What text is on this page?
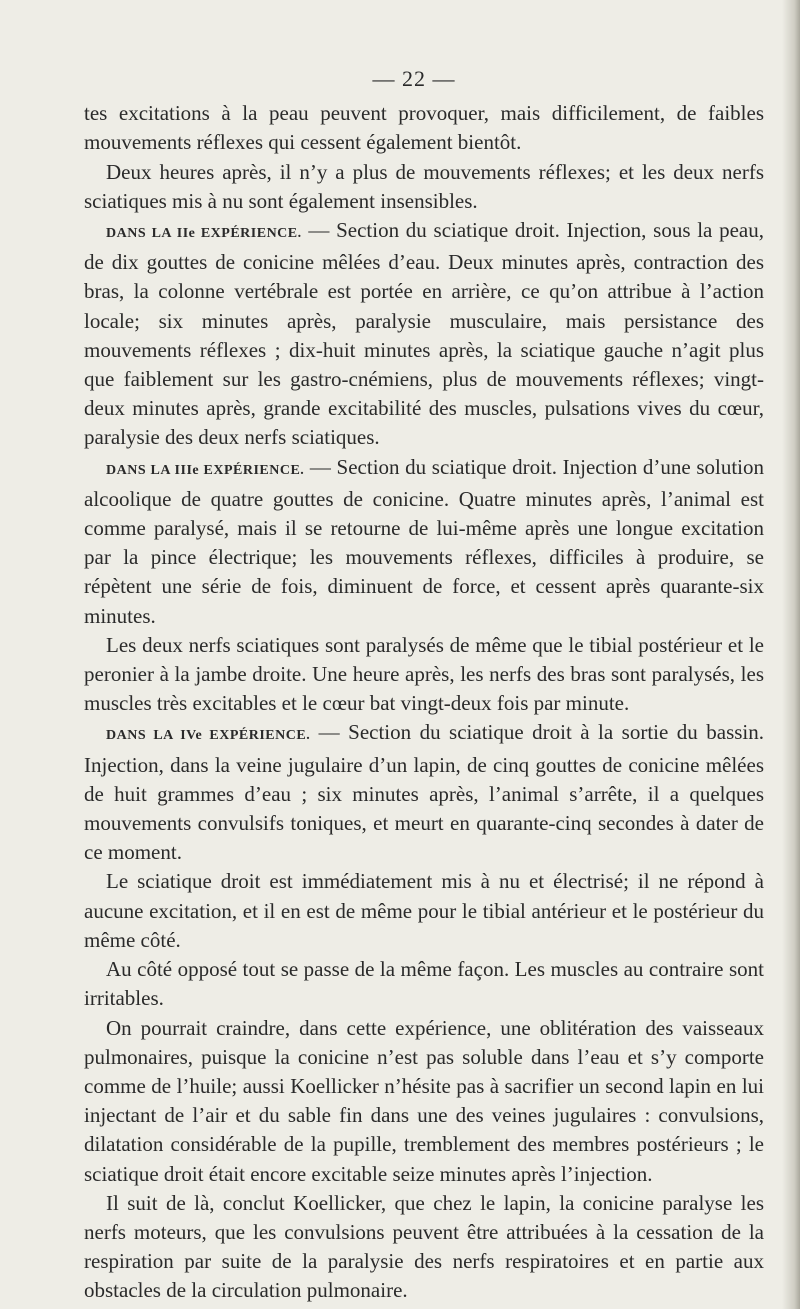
— 22 —

tes excitations à la peau peuvent provoquer, mais difficilement, de faibles mouvements réflexes qui cessent également bientôt.

Deux heures après, il n’y a plus de mouvements réflexes; et les deux nerfs sciatiques mis à nu sont également insensibles.

DANS LA IIe EXPÉRIENCE. — Section du sciatique droit. Injection, sous la peau, de dix gouttes de conicine mêlées d’eau. Deux minutes après, contraction des bras, la colonne vertébrale est portée en arrière, ce qu’on attribue à l’action locale; six minutes après, paralysie musculaire, mais persistance des mouvements réflexes ; dix-huit minutes après, la sciatique gauche n’agit plus que faiblement sur les gastro-cnémiens, plus de mouvements réflexes; vingt-deux minutes après, grande excitabilité des muscles, pulsations vives du cœur, paralysie des deux nerfs sciatiques.

DANS LA IIIe EXPÉRIENCE. — Section du sciatique droit. Injection d’une solution alcoolique de quatre gouttes de conicine. Quatre minutes après, l’animal est comme paralysé, mais il se retourne de lui-même après une longue excitation par la pince électrique; les mouvements réflexes, difficiles à produire, se répètent une série de fois, diminuent de force, et cessent après quarante-six minutes.

Les deux nerfs sciatiques sont paralysés de même que le tibial postérieur et le peronier à la jambe droite. Une heure après, les nerfs des bras sont paralysés, les muscles très excitables et le cœur bat vingt-deux fois par minute.

DANS LA IVe EXPÉRIENCE. — Section du sciatique droit à la sortie du bassin. Injection, dans la veine jugulaire d’un lapin, de cinq gouttes de conicine mêlées de huit grammes d’eau ; six minutes après, l’animal s’arrête, il a quelques mouvements convulsifs toniques, et meurt en quarante-cinq secondes à dater de ce moment.

Le sciatique droit est immédiatement mis à nu et électrisé; il ne répond à aucune excitation, et il en est de même pour le tibial antérieur et le postérieur du même côté.

Au côté opposé tout se passe de la même façon. Les muscles au contraire sont irritables.

On pourrait craindre, dans cette expérience, une oblitération des vaisseaux pulmonaires, puisque la conicine n’est pas soluble dans l’eau et s’y comporte comme de l’huile; aussi Koellicker n’hésite pas à sacrifier un second lapin en lui injectant de l’air et du sable fin dans une des veines jugulaires : convulsions, dilatation considérable de la pupille, tremblement des membres postérieurs ; le sciatique droit était encore excitable seize minutes après l’injection.

Il suit de là, conclut Koellicker, que chez le lapin, la conicine paralyse les nerfs moteurs, que les convulsions peuvent être attribuées à la cessation de la respiration par suite de la paralysie des nerfs respiratoires et en partie aux obstacles de la circulation pulmonaire.
